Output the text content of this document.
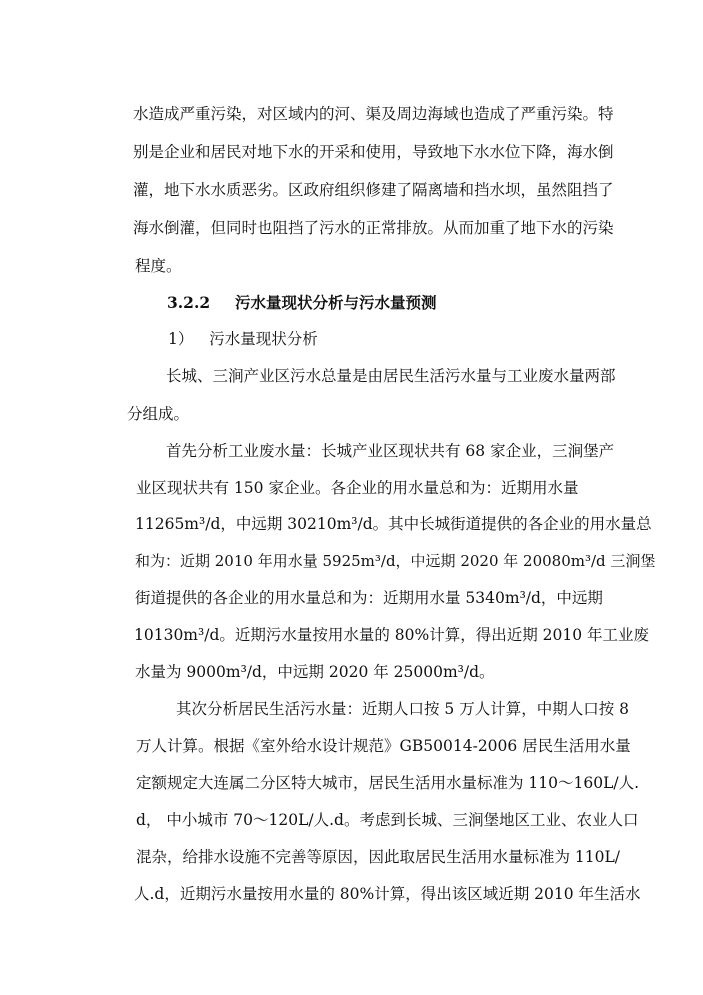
水造成严重污染，对区域内的河、渠及周边海域也造成了严重污染。特

别是企业和居民对地下水的开采和使用，导致地下水水位下降，海水倒

灌，地下水水质恶劣。区政府组织修建了隔离墙和挡水坝，虽然阻挡了

海水倒灌，但同时也阻挡了污水的正常排放。从而加重了地下水的污染

程度。

3.2.2 污水量现状分析与污水量预测
1） 污水量现状分析

长城、三涧产业区污水总量是由居民生活污水量与工业废水量两部

分组成。

首先分析工业废水量：长城产业区现状共有 68 家企业，三涧堡产

业区现状共有 150 家企业。各企业的用水量总和为：近期用水量

11265m³/d，中远期 30210m³/d。其中长城街道提供的各企业的用水量总

和为：近期 2010 年用水量 5925m³/d，中远期 2020 年 20080m³/d 三涧堡

街道提供的各企业的用水量总和为：近期用水量 5340m³/d，中远期

10130m³/d。近期污水量按用水量的 80%计算，得出近期 2010 年工业废

水量为 9000m³/d，中远期 2020 年 25000m³/d。

其次分析居民生活污水量：近期人口按 5 万人计算，中期人口按 8

万人计算。根据《室外给水设计规范》GB50014-2006 居民生活用水量

定额规定大连属二分区特大城市，居民生活用水量标准为 110～160L/人.

d， 中小城市 70～120L/人.d。考虑到长城、三涧堡地区工业、农业人口

混杂，给排水设施不完善等原因，因此取居民生活用水量标准为 110L/

人.d，近期污水量按用水量的 80%计算，得出该区域近期 2010 年生活水
